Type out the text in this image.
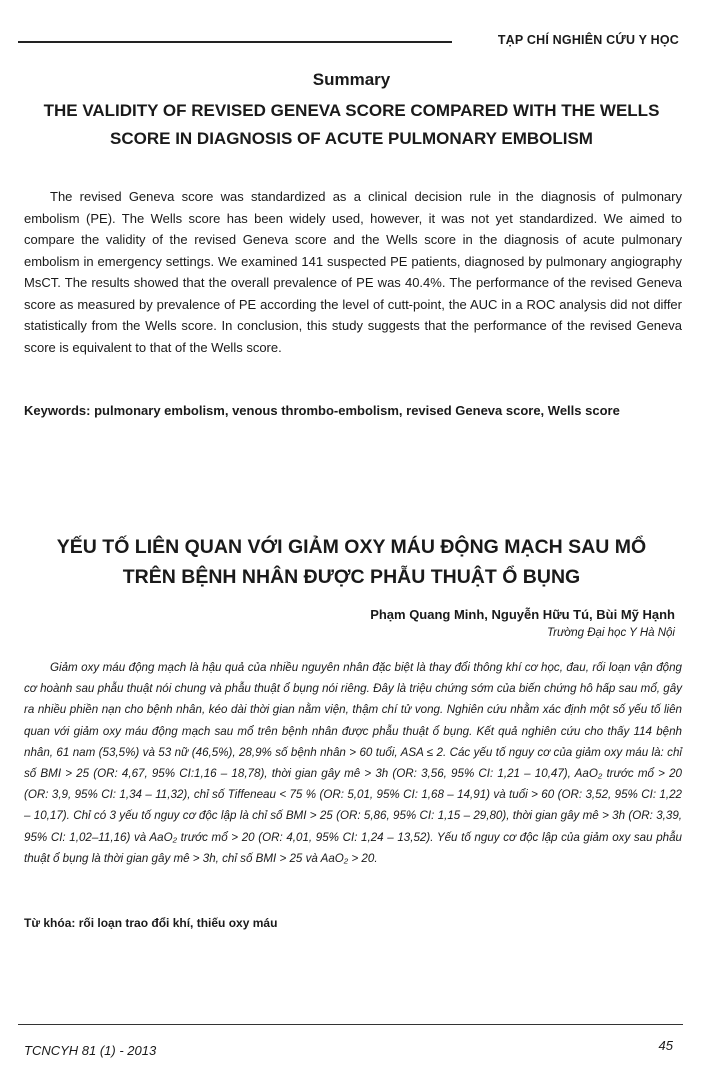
TẠP CHÍ NGHIÊN CỨU Y HỌC
Summary
THE VALIDITY OF REVISED GENEVA SCORE COMPARED WITH THE WELLS SCORE IN DIAGNOSIS OF ACUTE PULMONARY EMBOLISM

The revised Geneva score was standardized as a clinical decision rule in the diagnosis of pulmonary embolism (PE). The Wells score has been widely used, however, it was not yet standardized. We aimed to compare the validity of the revised Geneva score and the Wells score in the diagnosis of acute pulmonary embolism in emergency settings. We examined 141 suspected PE patients, diagnosed by pulmonary angiography MsCT. The results showed that the overall prevalence of PE was 40.4%. The performance of the revised Geneva score as measured by prevalence of PE according the level of cutt-point, the AUC in a ROC analysis did not differ statistically from the Wells score. In conclusion, this study suggests that the performance of the revised Geneva score is equivalent to that of the Wells score.

Keywords: pulmonary embolism, venous thrombo-embolism, revised Geneva score, Wells score

YẾU TỐ LIÊN QUAN VỚI GIẢM OXY MÁU ĐỘNG MẠCH SAU MỔ TRÊN BỆNH NHÂN ĐƯỢC PHẪU THUẬT Ổ BỤNG
Phạm Quang Minh, Nguyễn Hữu Tú, Bùi Mỹ Hạnh
Trường Đại học Y Hà Nội

Giảm oxy máu động mạch là hậu quả của nhiều nguyên nhân đặc biệt là thay đổi thông khí cơ học, đau, rối loạn vận động cơ hoành sau phẫu thuật nói chung và phẫu thuật ổ bụng nói riêng. Đây là triệu chứng sớm của biến chứng hô hấp sau mổ, gây ra nhiều phiền nạn cho bệnh nhân, kéo dài thời gian nằm viện, thậm chí tử vong. Nghiên cứu nhằm xác định một số yếu tố liên quan với giảm oxy máu động mạch sau mổ trên bệnh nhân được phẫu thuật ổ bụng. Kết quả nghiên cứu cho thấy 114 bệnh nhân, 61 nam (53,5%) và 53 nữ (46,5%), 28,9% số bệnh nhân > 60 tuổi, ASA ≤ 2. Các yếu tố nguy cơ của giảm oxy máu là: chỉ số BMI > 25 (OR: 4,67, 95% CI:1,16 – 18,78), thời gian gây mê > 3h (OR: 3,56, 95% CI: 1,21 – 10,47), AaO₂ trước mổ > 20 (OR: 3,9, 95% CI: 1,34 – 11,32), chỉ số Tiffeneau < 75 % (OR: 5,01, 95% CI: 1,68 – 14,91) và tuổi > 60 (OR: 3,52, 95% CI: 1,22 – 10,17). Chỉ có 3 yếu tố nguy cơ độc lập là chỉ số BMI > 25 (OR: 5,86, 95% CI: 1,15 – 29,80), thời gian gây mê > 3h (OR: 3,39, 95% CI: 1,02–11,16) và AaO₂ trước mổ > 20 (OR: 4,01, 95% CI: 1,24 – 13,52). Yếu tố nguy cơ độc lập của giảm oxy sau phẫu thuật ổ bụng là thời gian gây mê > 3h, chỉ số BMI > 25 và AaO₂ > 20.

Từ khóa: rối loạn trao đổi khí, thiếu oxy máu

TCNCYH 81 (1) - 2013	45
